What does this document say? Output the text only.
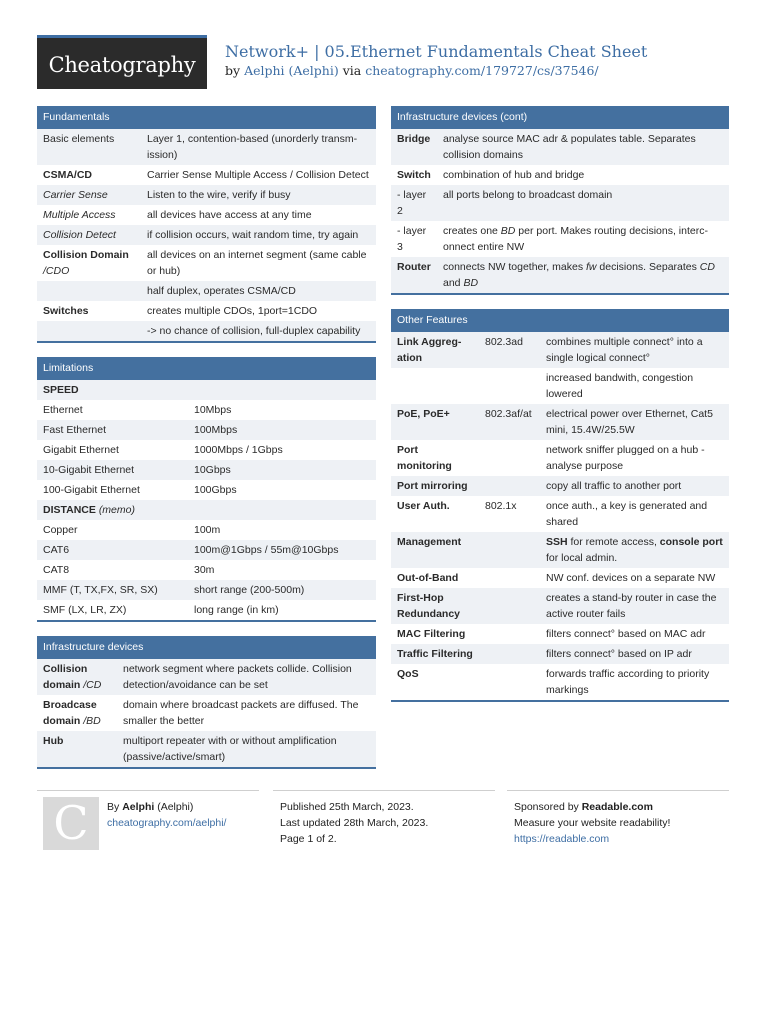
Cheatography
Network+ | 05.Ethernet Fundamentals Cheat Sheet
by Aelphi (Aelphi) via cheatography.com/179727/cs/37546/
Fundamentals
Basic elements	Layer 1, contention-based (unorderly transmission)
CSMA/CD	Carrier Sense Multiple Access / Collision Detect
Carrier Sense	Listen to the wire, verify if busy
Multiple Access	all devices have access at any time
Collision Detect	if collision occurs, wait random time, try again
Collision Domain
/CDO	all devices on an internet segment (same cable or hub)
	half duplex, operates CSMA/CD
Switches	creates multiple CDOs, 1port=1CDO
	-> no chance of collision, full-duplex capability
Limitations
SPEED	
Ethernet	10Mbps
Fast Ethernet	100Mbps
Gigabit Ethernet	1000Mbps / 1Gbps
10-Gigabit Ethernet	10Gbps
100-Gigabit Ethernet	100Gbps
DISTANCE (memo)	
Copper	100m
CAT6	100m@1Gbps / 55m@10Gbps
CAT8	30m
MMF (T, TX,FX, SR, SX)	short range (200-500m)
SMF (LX, LR, ZX)	long range (in km)
Infrastructure devices
Collision domain /CD	network segment where packets collide. Collision detection/avoidance can be set
Broadcase domain /BD	domain where broadcast packets are diffused. The smaller the better
Hub	multiport repeater with or without amplification (passive/active/smart)
Infrastructure devices (cont)
Bridge	analyse source MAC adr & populates table. Separates collision domains
Switch	combination of hub and bridge
- layer 2	all ports belong to broadcast domain
- layer 3	creates one BD per port. Makes routing decisions, interconnect entire NW
Router	connects NW together, makes fw decisions. Separates CD and BD
Other Features
Link Aggregation	802.3ad	combines multiple connect° into a single logical connect°
		increased bandwith, congestion lowered
PoE, PoE+	802.3af/at	electrical power over Ethernet, Cat5 mini, 15.4W/25.5W
Port monitoring		network sniffer plugged on a hub - analyse purpose
Port mirroring		copy all traffic to another port
User Auth.	802.1x	once auth., a key is generated and shared
Management		SSH for remote access, console port for local admin.
Out-of-Band		NW conf. devices on a separate NW
First-Hop Redundancy		creates a stand-by router in case the active router fails
MAC Filtering		filters connect° based on MAC adr
Traffic Filtering		filters connect° based on IP adr
QoS		forwards traffic according to priority markings
C	By Aelphi (Aelphi)
cheatography.com/aelphi/
Published 25th March, 2023.
Last updated 28th March, 2023.
Page 1 of 2.
Sponsored by Readable.com
Measure your website readability!
https://readable.com
